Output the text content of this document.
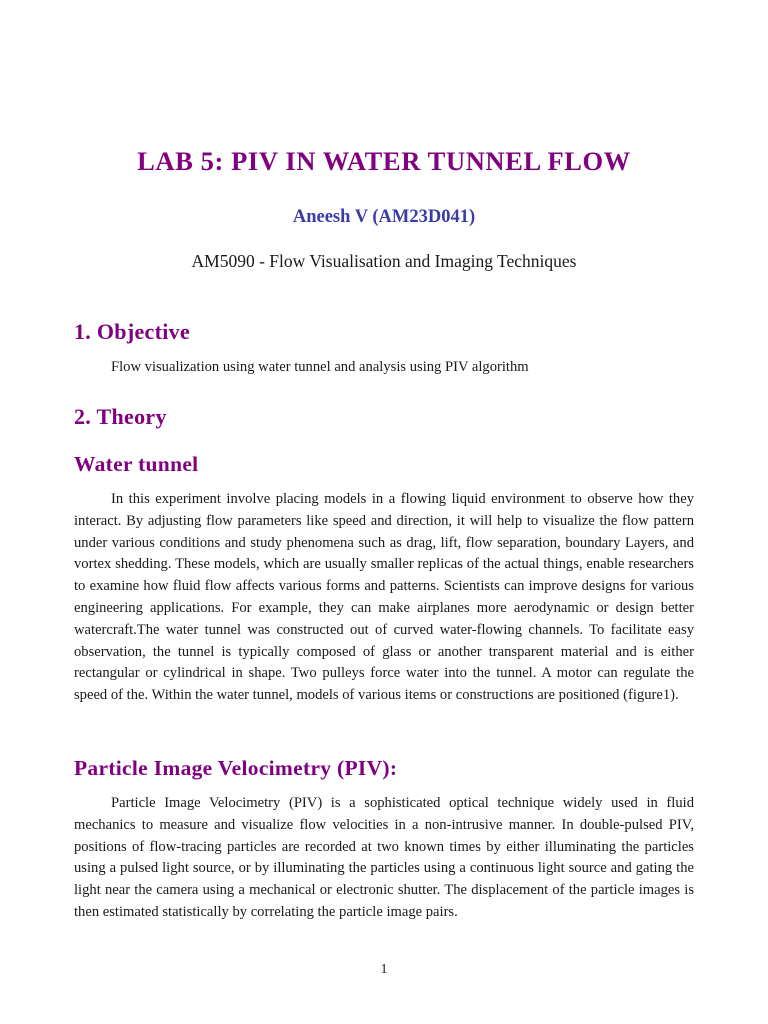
LAB 5: PIV IN WATER TUNNEL FLOW
Aneesh V (AM23D041)
AM5090 - Flow Visualisation and Imaging Techniques
1. Objective
Flow visualization using water tunnel and analysis using PIV algorithm
2. Theory
Water tunnel
In this experiment involve placing models in a flowing liquid environment to observe how they interact. By adjusting flow parameters like speed and direction, it will help to visualize the flow pattern under various conditions and study phenomena such as drag, lift, flow separation, boundary Layers, and vortex shedding. These models, which are usually smaller replicas of the actual things, enable researchers to examine how fluid flow affects various forms and patterns. Scientists can improve designs for various engineering applications. For example, they can make airplanes more aerodynamic or design better watercraft.The water tunnel was constructed out of curved water-flowing channels. To facilitate easy observation, the tunnel is typically composed of glass or another transparent material and is either rectangular or cylindrical in shape. Two pulleys force water into the tunnel. A motor can regulate the speed of the. Within the water tunnel, models of various items or constructions are positioned (figure1).
Particle Image Velocimetry (PIV):
Particle Image Velocimetry (PIV) is a sophisticated optical technique widely used in fluid mechanics to measure and visualize flow velocities in a non-intrusive manner. In double-pulsed PIV, positions of flow-tracing particles are recorded at two known times by either illuminating the particles using a pulsed light source, or by illuminating the particles using a continuous light source and gating the light near the camera using a mechanical or electronic shutter. The displacement of the particle images is then estimated statistically by correlating the particle image pairs.
1
